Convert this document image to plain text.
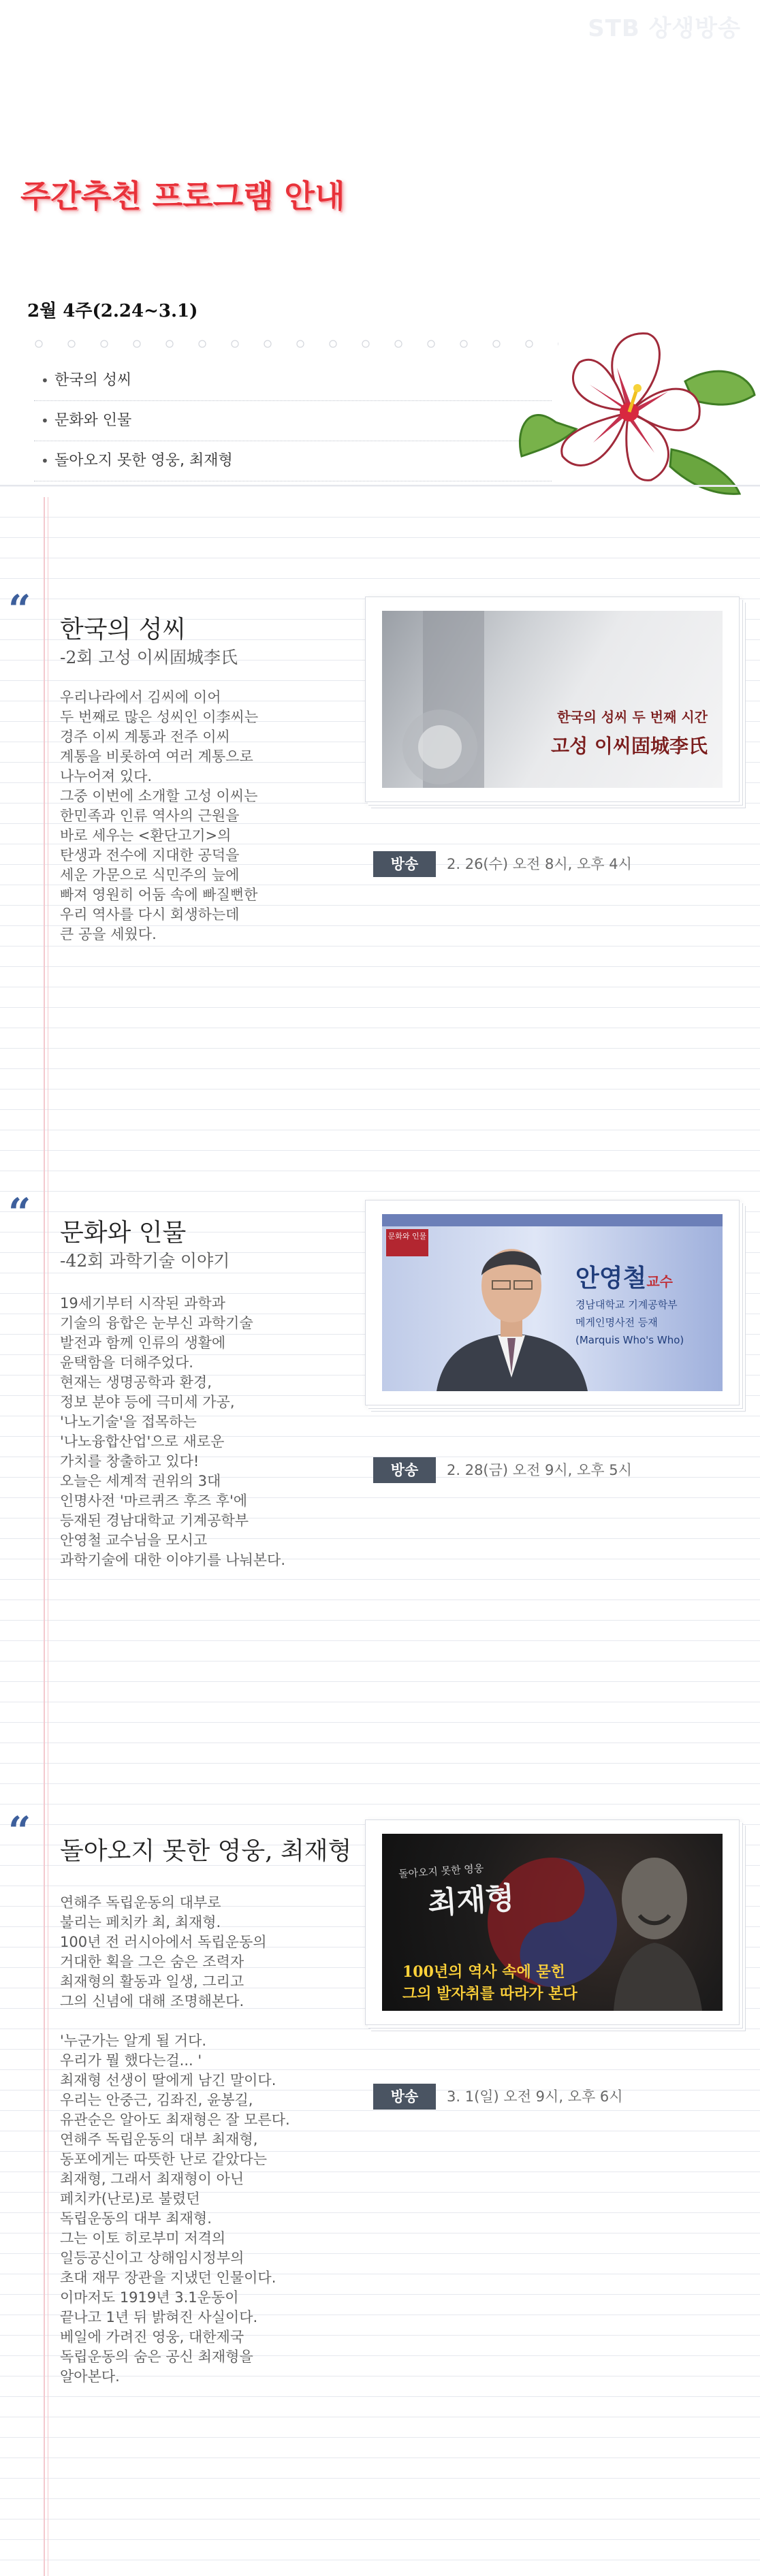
STB 상생방송
주간추천 프로그램 안내
2월 4주(2.24~3.1)
• 한국의 성씨
• 문화와 인물
• 돌아오지 못한 영웅, 최재형
“ 한국의 성씨
-2회 고성 이씨固城李氏
우리나라에서 김씨에 이어
두 번째로 많은 성씨인 이李씨는
경주 이씨 계통과 전주 이씨
계통을 비롯하여 여러 계통으로
나누어져 있다.
그중 이번에 소개할 고성 이씨는
한민족과 인류 역사의 근원을
바로 세우는 <환단고기>의
탄생과 전수에 지대한 공덕을
세운 가문으로 식민주의 늪에
빠져 영원히 어둠 속에 빠질뻔한
우리 역사를 다시 회생하는데
큰 공을 세웠다.
한국의 성씨 두 번째 시간
고성 이씨固城李氏
방송	2. 26(수) 오전 8시, 오후 4시
“ 문화와 인물
-42회 과학기술 이야기
19세기부터 시작된 과학과
기술의 융합은 눈부신 과학기술
발전과 함께 인류의 생활에
윤택함을 더해주었다.
현재는 생명공학과 환경,
정보 분야 등에 극미세 가공,
'나노기술'을 접목하는
'나노융합산업'으로 새로운
가치를 창출하고 있다!
오늘은 세계적 권위의 3대
인명사전 '마르퀴즈 후즈 후'에
등재된 경남대학교 기계공학부
안영철 교수님을 모시고
과학기술에 대한 이야기를 나눠본다.
문화와 인물
안영철교수
경남대학교 기계공학부
메게인명사전 등재
(Marquis Who's Who)
방송	2. 28(금) 오전 9시, 오후 5시
“ 돌아오지 못한 영웅, 최재형
연해주 독립운동의 대부로
불리는 페치카 최, 최재형.
100년 전 러시아에서 독립운동의
거대한 획을 그은 숨은 조력자
최재형의 활동과 일생, 그리고
그의 신념에 대해 조명해본다.

'누군가는 알게 될 거다.
우리가 뭘 했다는걸... '
최재형 선생이 딸에게 남긴 말이다.
우리는 안중근, 김좌진, 윤봉길,
유관순은 알아도 최재형은 잘 모른다.
연해주 독립운동의 대부 최재형,
동포에게는 따뜻한 난로 같았다는
최재형, 그래서 최재형이 아닌
페치카(난로)로 불렸던
독립운동의 대부 최재형.
그는 이토 히로부미 저격의
일등공신이고 상해임시정부의
초대 재무 장관을 지냈던 인물이다.
이마저도 1919년 3.1운동이
끝나고 1년 뒤 밝혀진 사실이다.
베일에 가려진 영웅, 대한제국
독립운동의 숨은 공신 최재형을
알아본다.
돌아오지 못한 영웅
최재형
100년의 역사 속에 묻힌
그의 발자취를 따라가 본다
방송	3. 1(일) 오전 9시, 오후 6시
